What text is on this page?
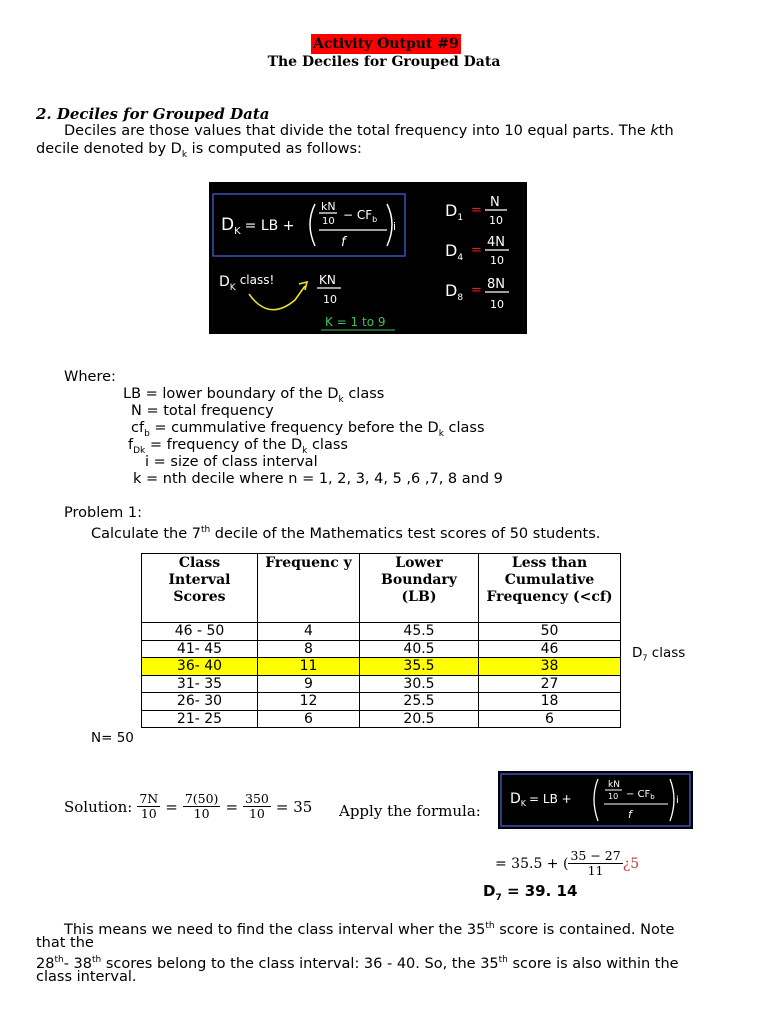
Activity Output #9
The Deciles for Grouped Data
2. Deciles for Grouped Data
Deciles are those values that divide the total frequency into 10 equal parts. The kth
decile denoted by $D_k$ is computed as follows:
$D_K$ $^{= LB +}$
kN
$10 - CF_b$
f
i
$D_Kclass$!	KN
10
K = 1 to 9
$D_1$ =
N
10
$D_4$ =
4N
10
$D_8 = 8N$
10
Where:
LB = lower boundary of the $D_k$ class
N = total frequency
$cf_b$ = cummulative frequency before the $D_k$ class
$f_{Dk}$ = frequency of the $D_k$ class
i = size of class interval
k = nth decile where n = 1, 2, 3, 4, 5 ,6 ,7, 8 and 9
Problem 1:
Calculate the 7th decile of the Mathematics test scores of 50 students.
Class Interval Scores	Frequenc y	Lower Boundary (LB)	Less than Cumulative Frequency (<cf)
46 - 50	4	45.5	50
41- 45	8	40.5	46
36- 40	11	35.5	38
31- 35	9	30.5	27
26- 30	12	25.5	18
21- 25	6	20.5	6
$D_7$ class
N= 50
Solution: $\frac{7N}{10} = \frac{7(50)}{10} = \frac{350}{10} = 35$ Apply the formula:
$D_K$ = LB +
kN
$10 - CF_b$
f
i
= 35.5 + ( $\frac{35 - 27}{11}$ ¿5
$D_7 = 39$. 14
This means we need to find the class interval wher the 35th score is contained. Note
that the
28th- 38th scores belong to the class interval: 36 - 40. So, the 35th score is also within the
class interval.
